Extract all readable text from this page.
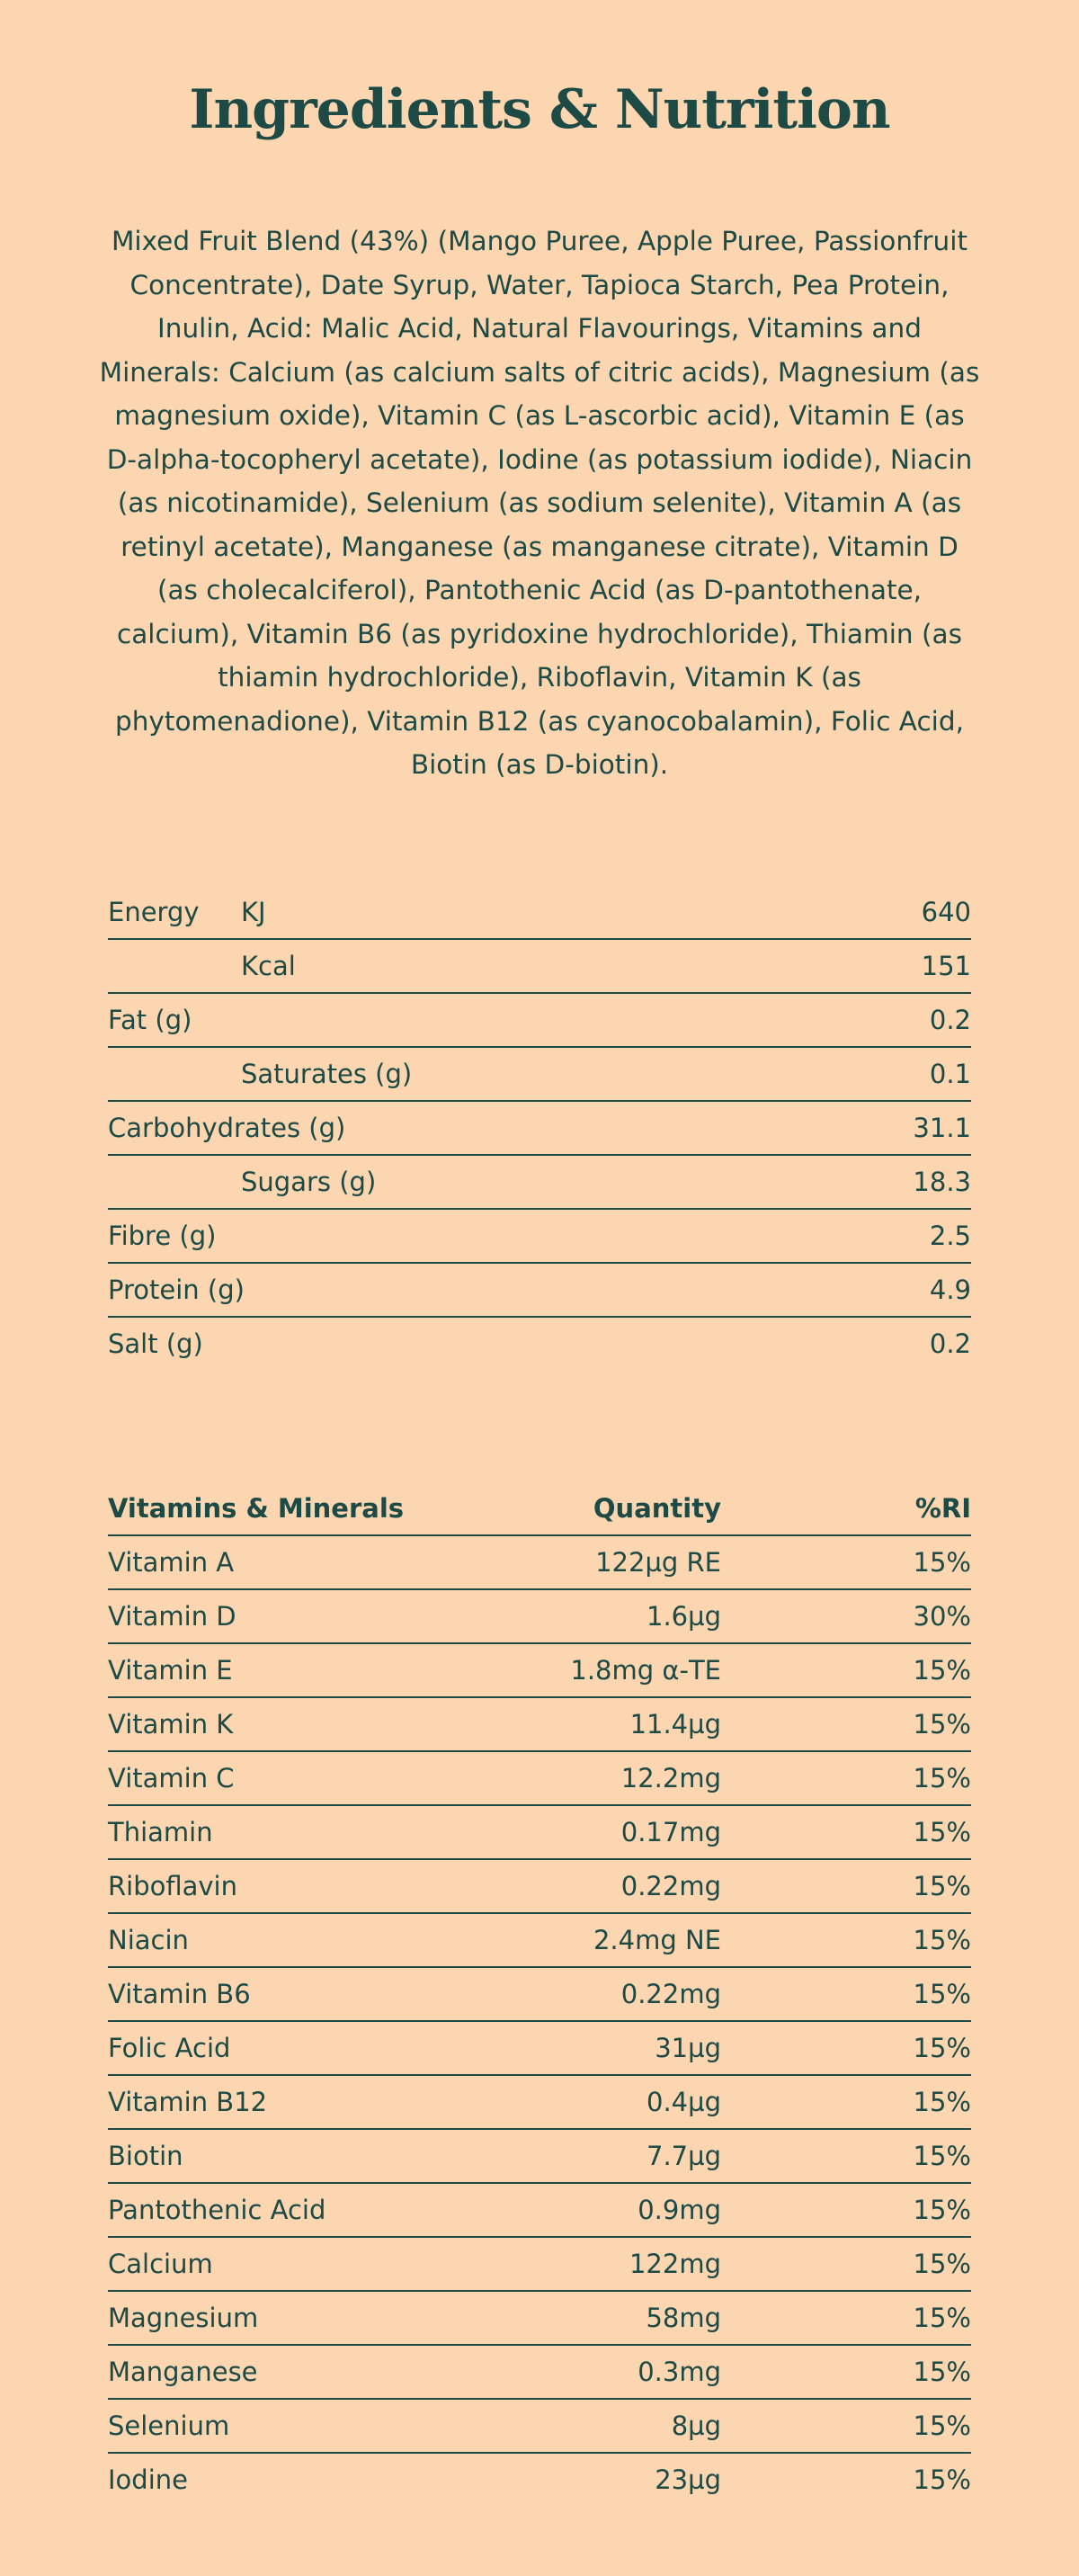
Ingredients & Nutrition

Mixed Fruit Blend (43%) (Mango Puree, Apple Puree, Passionfruit Concentrate), Date Syrup, Water, Tapioca Starch, Pea Protein, Inulin, Acid: Malic Acid, Natural Flavourings, Vitamins and Minerals: Calcium (as calcium salts of citric acids), Magnesium (as magnesium oxide), Vitamin C (as L-ascorbic acid), Vitamin E (as D-alpha-tocopheryl acetate), Iodine (as potassium iodide), Niacin (as nicotinamide), Selenium (as sodium selenite), Vitamin A (as retinyl acetate), Manganese (as manganese citrate), Vitamin D (as cholecalciferol), Pantothenic Acid (as D-pantothenate, calcium), Vitamin B6 (as pyridoxine hydrochloride), Thiamin (as thiamin hydrochloride), Riboflavin, Vitamin K (as phytomenadione), Vitamin B12 (as cyanocobalamin), Folic Acid, Biotin (as D-biotin).

Energy KJ	640
Kcal	151
Fat (g)	0.2
Saturates (g)	0.1
Carbohydrates (g)	31.1
Sugars (g)	18.3
Fibre (g)	2.5
Protein (g)	4.9
Salt (g)	0.2
Vitamins & Minerals	Quantity	%RI
Vitamin A	122µg RE	15%
Vitamin D	1.6µg	30%
Vitamin E	1.8mg α-TE	15%
Vitamin K	11.4µg	15%
Vitamin C	12.2mg	15%
Thiamin	0.17mg	15%
Riboflavin	0.22mg	15%
Niacin	2.4mg NE	15%
Vitamin B6	0.22mg	15%
Folic Acid	31µg	15%
Vitamin B12	0.4µg	15%
Biotin	7.7µg	15%
Pantothenic Acid	0.9mg	15%
Calcium	122mg	15%
Magnesium	58mg	15%
Manganese	0.3mg	15%
Selenium	8µg	15%
Iodine	23µg	15%
